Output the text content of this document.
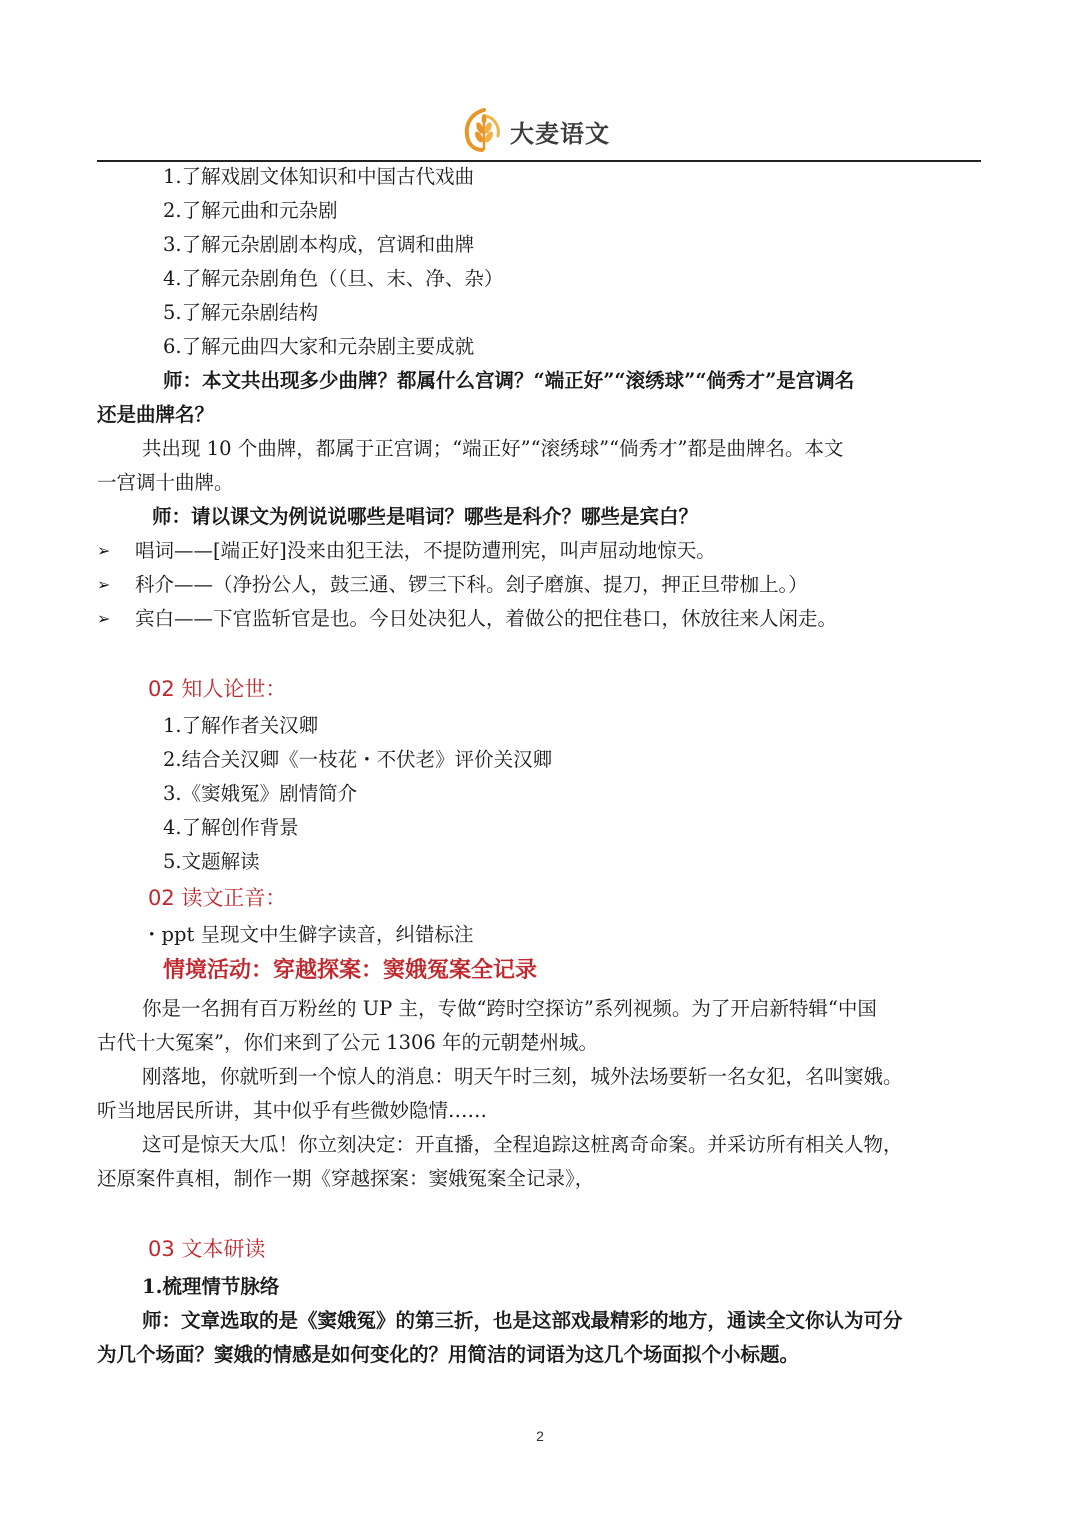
大麦语文
1.了解戏剧文体知识和中国古代戏曲
2.了解元曲和元杂剧
3.了解元杂剧剧本构成，宫调和曲牌
4.了解元杂剧角色（（旦、末、净、杂）
5.了解元杂剧结构
6.了解元曲四大家和元杂剧主要成就
师：本文共出现多少曲牌？都属什么宫调？“端正好”“滚绣球”“倘秀才”是宫调名
还是曲牌名？
共出现 10 个曲牌，都属于正宫调；“端正好”“滚绣球”“倘秀才”都是曲牌名。本文
一宫调十曲牌。
师：请以课文为例说说哪些是唱词？哪些是科介？哪些是宾白？
➢ 唱词——[端正好]没来由犯王法，不提防遭刑宪，叫声屈动地惊天。
➢ 科介——（净扮公人，鼓三通、锣三下科。刽子磨旗、提刀，押正旦带枷上。）
➢ 宾白——下官监斩官是也。今日处决犯人，着做公的把住巷口，休放往来人闲走。
02 知人论世：
1.了解作者关汉卿
2.结合关汉卿《一枝花・不伏老》评价关汉卿
3.《窦娥冤》剧情简介
4.了解创作背景
5.文题解读
02 读文正音：
・ppt 呈现文中生僻字读音，纠错标注
情境活动：穿越探案：窦娥冤案全记录
你是一名拥有百万粉丝的 UP 主，专做“跨时空探访”系列视频。为了开启新特辑“中国
古代十大冤案”，你们来到了公元 1306 年的元朝楚州城。
刚落地，你就听到一个惊人的消息：明天午时三刻，城外法场要斩一名女犯，名叫窦娥。
听当地居民所讲，其中似乎有些微妙隐情……
这可是惊天大瓜！你立刻决定：开直播，全程追踪这桩离奇命案。并采访所有相关人物，
还原案件真相，制作一期《穿越探案：窦娥冤案全记录》，
03 文本研读
1.梳理情节脉络
师：文章选取的是《窦娥冤》的第三折，也是这部戏最精彩的地方，通读全文你认为可分
为几个场面？窦娥的情感是如何变化的？用简洁的词语为这几个场面拟个小标题。
2
